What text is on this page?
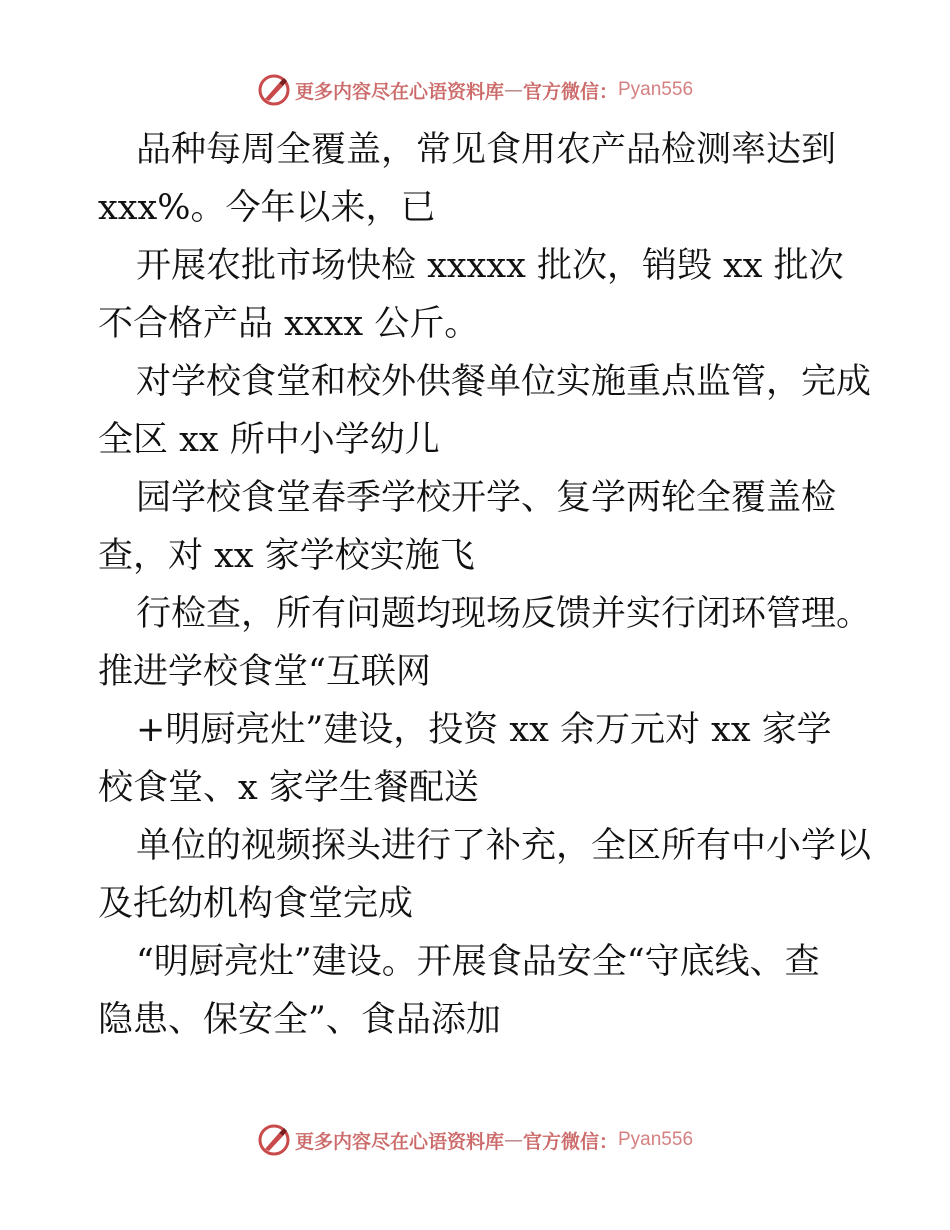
更多内容尽在心语资料库 — 官方微信： Pyan556
品种每周全覆盖，常见食用农产品检测率达到
xxx%。今年以来，已
开展农批市场快检 xxxxx 批次，销毁 xx 批次
不合格产品 xxxx 公斤。
对学校食堂和校外供餐单位实施重点监管，完成
全区 xx 所中小学幼儿
园学校食堂春季学校开学、复学两轮全覆盖检
查，对 xx 家学校实施飞
行检查，所有问题均现场反馈并实行闭环管理。
推进学校食堂“互联网
+明厨亮灶”建设，投资 xx 余万元对 xx 家学
校食堂、x 家学生餐配送
单位的视频探头进行了补充，全区所有中小学以
及托幼机构食堂完成
“明厨亮灶”建设。开展食品安全“守底线、查
隐患、保安全”、食品添加
更多内容尽在心语资料库 — 官方微信： Pyan556
